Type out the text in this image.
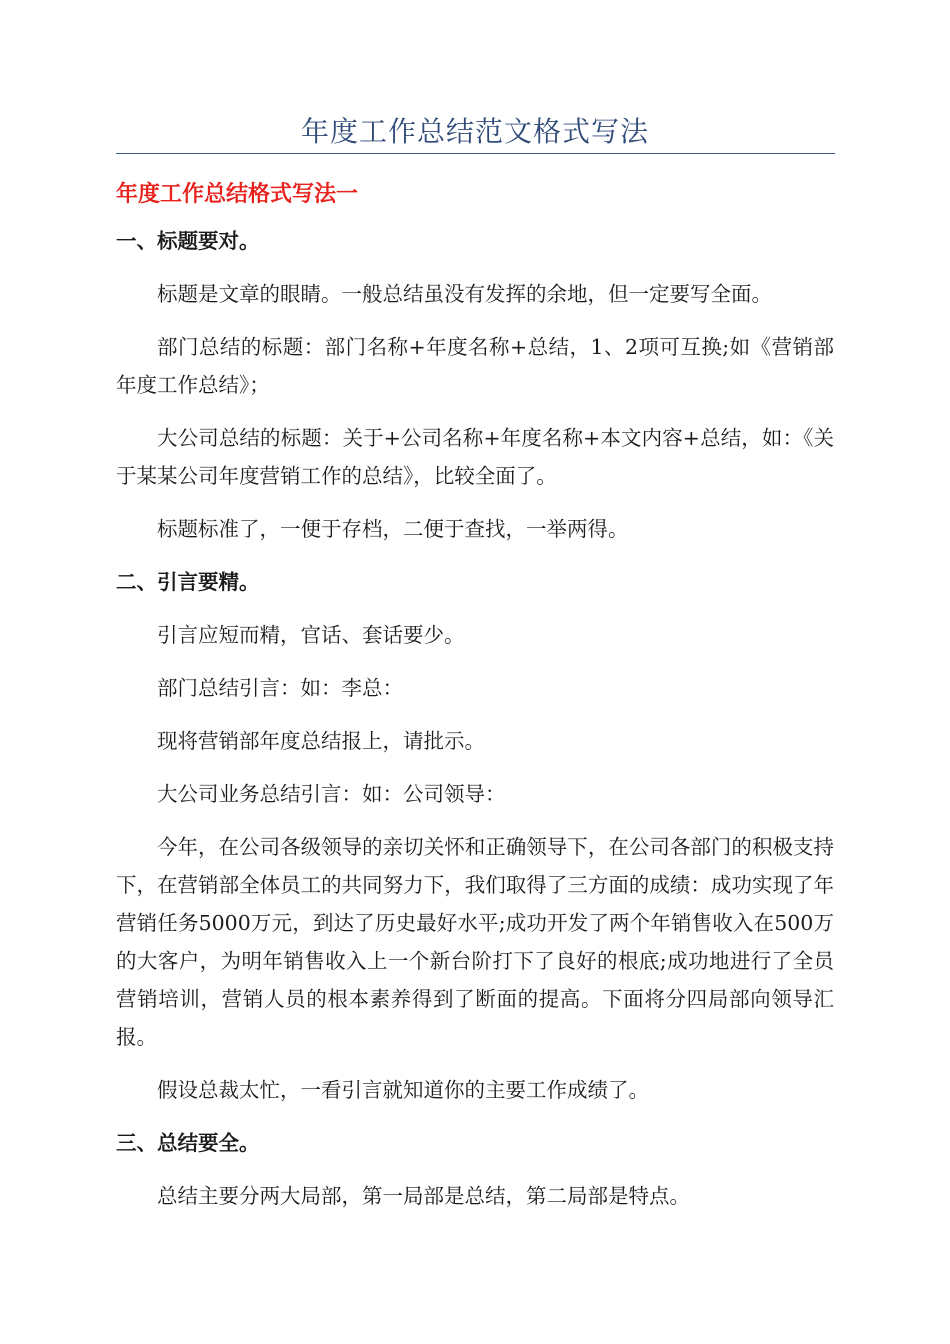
年度工作总结范文格式写法
年度工作总结格式写法一
一、标题要对。
标题是文章的眼睛。一般总结虽没有发挥的余地，但一定要写全面。
部门总结的标题：部门名称+年度名称+总结，1、2项可互换;如《营销部年度工作总结》；
大公司总结的标题：关于+公司名称+年度名称+本文内容+总结，如：《关于某某公司年度营销工作的总结》，比较全面了。
标题标准了，一便于存档，二便于查找，一举两得。
二、引言要精。
引言应短而精，官话、套话要少。
部门总结引言：如：李总：
现将营销部年度总结报上，请批示。
大公司业务总结引言：如：公司领导：
今年，在公司各级领导的亲切关怀和正确领导下，在公司各部门的积极支持下，在营销部全体员工的共同努力下，我们取得了三方面的成绩：成功实现了年营销任务5000万元，到达了历史最好水平;成功开发了两个年销售收入在500万的大客户，为明年销售收入上一个新台阶打下了良好的根底;成功地进行了全员营销培训，营销人员的根本素养得到了断面的提高。下面将分四局部向领导汇报。
假设总裁太忙，一看引言就知道你的主要工作成绩了。
三、总结要全。
总结主要分两大局部，第一局部是总结，第二局部是特点。
